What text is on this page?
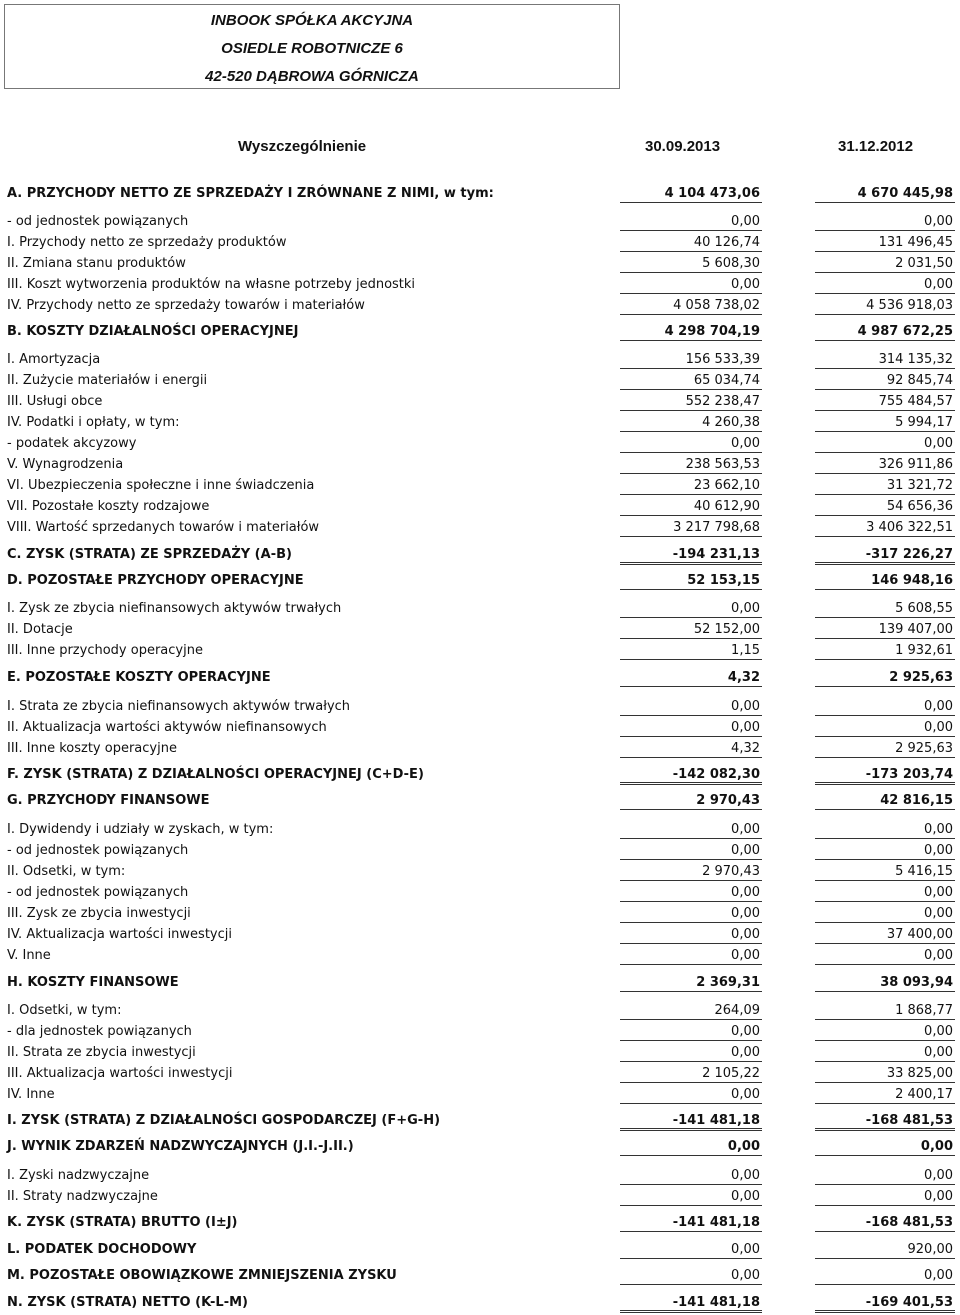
INBOOK SPÓŁKA AKCYJNA
OSIEDLE ROBOTNICZE 6
42-520 DĄBROWA GÓRNICZA
Wyszczególnienie	30.09.2013	31.12.2012
A. PRZYCHODY NETTO ZE SPRZEDAŻY I ZRÓWNANE Z NIMI, w tym:	4 104 473,06	4 670 445,98
- od jednostek powiązanych	0,00	0,00
I. Przychody netto ze sprzedaży produktów	40 126,74	131 496,45
II. Zmiana stanu produktów	5 608,30	2 031,50
III. Koszt wytworzenia produktów na własne potrzeby jednostki	0,00	0,00
IV. Przychody netto ze sprzedaży towarów i materiałów	4 058 738,02	4 536 918,03
B. KOSZTY DZIAŁALNOŚCI OPERACYJNEJ	4 298 704,19	4 987 672,25
I. Amortyzacja	156 533,39	314 135,32
II. Zużycie materiałów i energii	65 034,74	92 845,74
III. Usługi obce	552 238,47	755 484,57
IV. Podatki i opłaty, w tym:	4 260,38	5 994,17
- podatek akcyzowy	0,00	0,00
V. Wynagrodzenia	238 563,53	326 911,86
VI. Ubezpieczenia społeczne i inne świadczenia	23 662,10	31 321,72
VII. Pozostałe koszty rodzajowe	40 612,90	54 656,36
VIII. Wartość sprzedanych towarów i materiałów	3 217 798,68	3 406 322,51
C. ZYSK (STRATA) ZE SPRZEDAŻY (A-B)	-194 231,13	-317 226,27
D. POZOSTAŁE PRZYCHODY OPERACYJNE	52 153,15	146 948,16
I. Zysk ze zbycia niefinansowych aktywów trwałych	0,00	5 608,55
II. Dotacje	52 152,00	139 407,00
III. Inne przychody operacyjne	1,15	1 932,61
E. POZOSTAŁE KOSZTY OPERACYJNE	4,32	2 925,63
I. Strata ze zbycia niefinansowych aktywów trwałych	0,00	0,00
II. Aktualizacja wartości aktywów niefinansowych	0,00	0,00
III. Inne koszty operacyjne	4,32	2 925,63
F. ZYSK (STRATA) Z DZIAŁALNOŚCI OPERACYJNEJ (C+D-E)	-142 082,30	-173 203,74
G. PRZYCHODY FINANSOWE	2 970,43	42 816,15
I. Dywidendy i udziały w zyskach, w tym:	0,00	0,00
- od jednostek powiązanych	0,00	0,00
II. Odsetki, w tym:	2 970,43	5 416,15
- od jednostek powiązanych	0,00	0,00
III. Zysk ze zbycia inwestycji	0,00	0,00
IV. Aktualizacja wartości inwestycji	0,00	37 400,00
V. Inne	0,00	0,00
H. KOSZTY FINANSOWE	2 369,31	38 093,94
I. Odsetki, w tym:	264,09	1 868,77
- dla jednostek powiązanych	0,00	0,00
II. Strata ze zbycia inwestycji	0,00	0,00
III. Aktualizacja wartości inwestycji	2 105,22	33 825,00
IV. Inne	0,00	2 400,17
I. ZYSK (STRATA) Z DZIAŁALNOŚCI GOSPODARCZEJ (F+G-H)	-141 481,18	-168 481,53
J. WYNIK ZDARZEŃ NADZWYCZAJNYCH (J.I.-J.II.)	0,00	0,00
I. Zyski nadzwyczajne	0,00	0,00
II. Straty nadzwyczajne	0,00	0,00
K. ZYSK (STRATA) BRUTTO (I±J)	-141 481,18	-168 481,53
L. PODATEK DOCHODOWY	0,00	920,00
M. POZOSTAŁE OBOWIĄZKOWE ZMNIEJSZENIA ZYSKU	0,00	0,00
N. ZYSK (STRATA) NETTO (K-L-M)	-141 481,18	-169 401,53
